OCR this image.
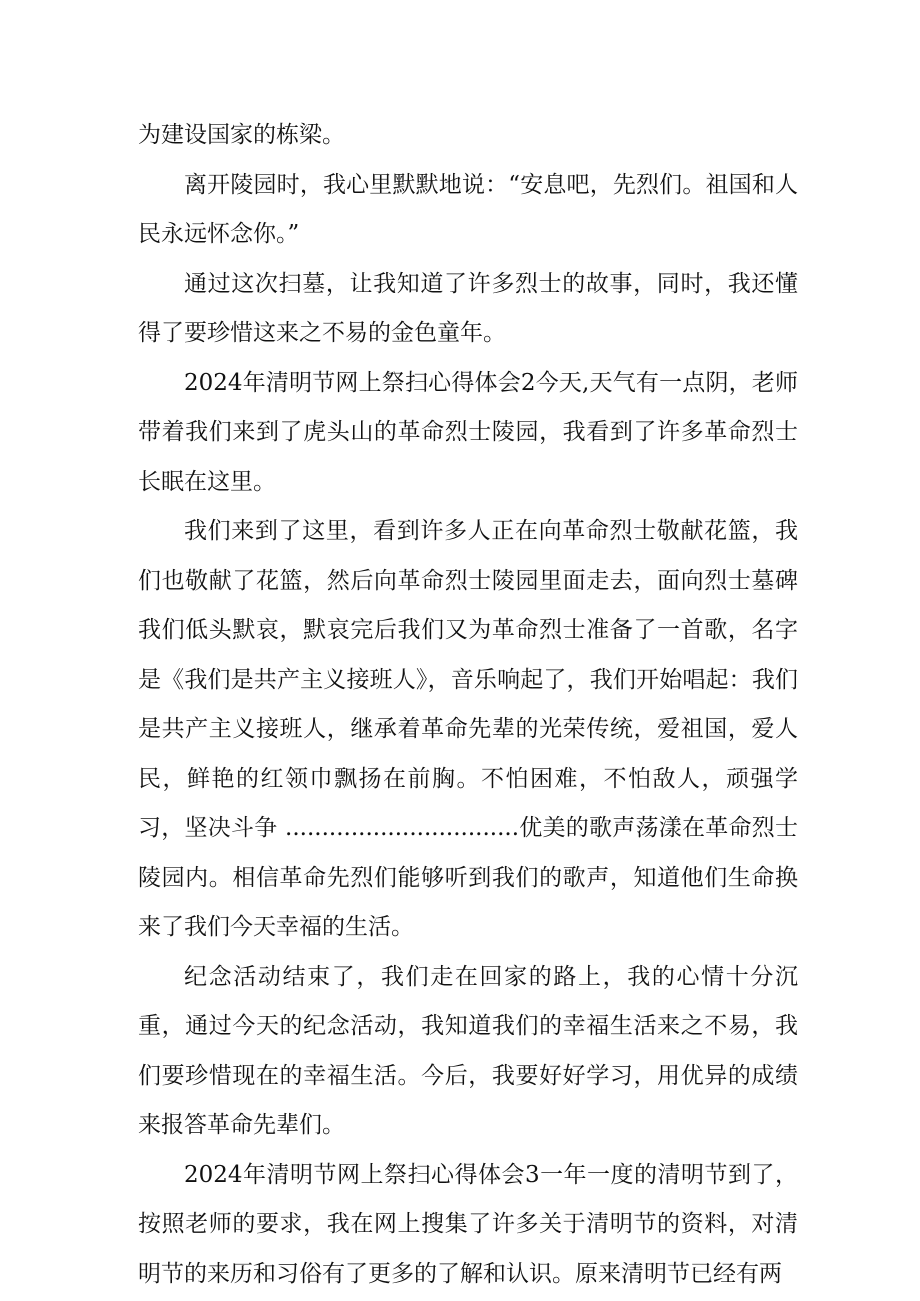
为建设国家的栋梁。

离开陵园时，我心里默默地说：“安息吧，先烈们。祖国和人民永远怀念你。”

通过这次扫墓，让我知道了许多烈士的故事，同时，我还懂得了要珍惜这来之不易的金色童年。

2024年清明节网上祭扫心得体会2今天,天气有一点阴，老师带着我们来到了虎头山的革命烈士陵园，我看到了许多革命烈士长眠在这里。

我们来到了这里，看到许多人正在向革命烈士敬献花篮，我们也敬献了花篮，然后向革命烈士陵园里面走去，面向烈士墓碑我们低头默哀，默哀完后我们又为革命烈士准备了一首歌，名字是《我们是共产主义接班人》，音乐响起了，我们开始唱起：我们是共产主义接班人，继承着革命先辈的光荣传统，爱祖国，爱人民，鲜艳的红领巾飘扬在前胸。不怕困难，不怕敌人，顽强学习，坚决斗争 ................................优美的歌声荡漾在革命烈士陵园内。相信革命先烈们能够听到我们的歌声，知道他们生命换来了我们今天幸福的生活。

纪念活动结束了，我们走在回家的路上，我的心情十分沉重，通过今天的纪念活动，我知道我们的幸福生活来之不易，我们要珍惜现在的幸福生活。今后，我要好好学习，用优异的成绩来报答革命先辈们。

2024年清明节网上祭扫心得体会3一年一度的清明节到了，按照老师的要求，我在网上搜集了许多关于清明节的资料，对清明节的来历和习俗有了更多的了解和认识。原来清明节已经有两
